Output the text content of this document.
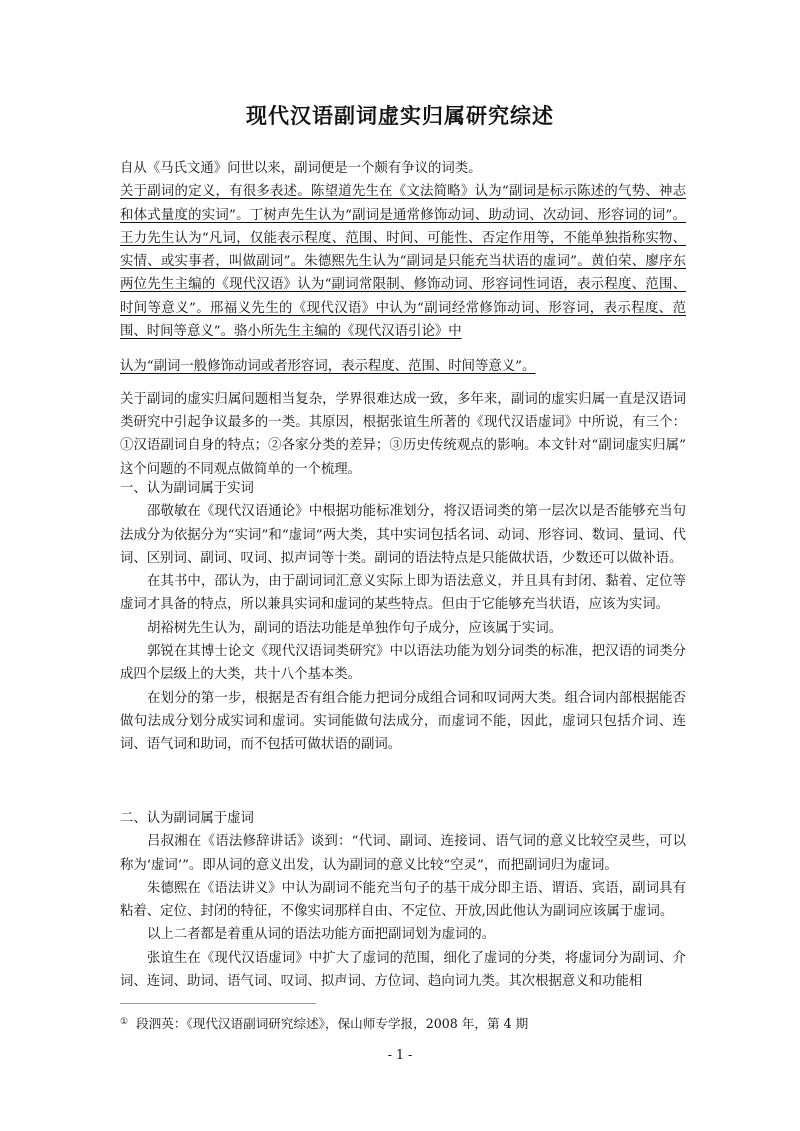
现代汉语副词虚实归属研究综述

自从《马氏文通》问世以来，副词便是一个颇有争议的词类。

关于副词的定义，有很多表述。陈望道先生在《文法简略》认为“副词是标示陈述的气势、神志和体式量度的实词”。丁树声先生认为“副词是通常修饰动词、助动词、次动词、形容词的词”。王力先生认为“凡词，仅能表示程度、范围、时间、可能性、否定作用等，不能单独指称实物、实情、或实事者，叫做副词”。朱德熙先生认为“副词是只能充当状语的虚词”。黄伯荣、廖序东两位先生主编的《现代汉语》认为“副词常限制、修饰动词、形容词性词语，表示程度、范围、时间等意义”。邢福义先生的《现代汉语》中认为“副词经常修饰动词、形容词，表示程度、范围、时间等意义”。骆小所先生主编的《现代汉语引论》中

认为“副词一般修饰动词或者形容词，表示程度、范围、时间等意义”。

关于副词的虚实归属问题相当复杂，学界很难达成一致，多年来，副词的虚实归属一直是汉语词类研究中引起争议最多的一类。其原因，根据张谊生所著的《现代汉语虚词》中所说，有三个：①汉语副词自身的特点；②各家分类的差异；③历史传统观点的影响。本文针对“副词虚实归属” 这个问题的不同观点做简单的一个梳理。

一、认为副词属于实词

邵敬敏在《现代汉语通论》中根据功能标准划分，将汉语词类的第一层次以是否能够充当句法成分为依据分为“实词”和“虚词”两大类，其中实词包括名词、动词、形容词、数词、量词、代词、区别词、副词、叹词、拟声词等十类。副词的语法特点是只能做状语，少数还可以做补语。

在其书中，邵认为，由于副词词汇意义实际上即为语法意义，并且具有封闭、黏着、定位等虚词才具备的特点，所以兼具实词和虚词的某些特点。但由于它能够充当状语，应该为实词。

胡裕树先生认为，副词的语法功能是单独作句子成分，应该属于实词。

郭锐在其博士论文《现代汉语词类研究》中以语法功能为划分词类的标准，把汉语的词类分成四个层级上的大类，共十八个基本类。

在划分的第一步，根据是否有组合能力把词分成组合词和叹词两大类。组合词内部根据能否做句法成分划分成实词和虚词。实词能做句法成分，而虚词不能，因此，虚词只包括介词、连词、语气词和助词，而不包括可做状语的副词。

二、认为副词属于虚词

吕叔湘在《语法修辞讲话》谈到：“代词、副词、连接词、语气词的意义比较空灵些，可以称为‘虚词’”。即从词的意义出发，认为副词的意义比较“空灵”，而把副词归为虚词。

朱德熙在《语法讲义》中认为副词不能充当句子的基干成分即主语、谓语、宾语，副词具有粘着、定位、封闭的特征，不像实词那样自由、不定位、开放,因此他认为副词应该属于虚词。

以上二者都是着重从词的语法功能方面把副词划为虚词的。

张谊生在《现代汉语虚词》中扩大了虚词的范围，细化了虚词的分类，将虚词分为副词、介词、连词、助词、语气词、叹词、拟声词、方位词、趋向词九类。其次根据意义和功能相

① 段泗英：《现代汉语副词研究综述》，保山师专学报，2008 年，第 4 期

- 1 -
